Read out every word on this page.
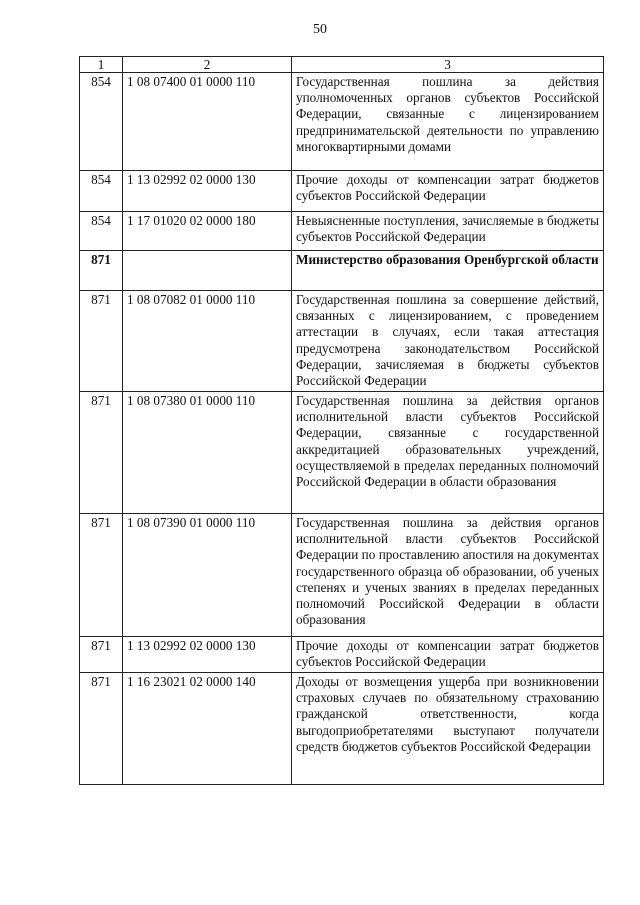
50
1	2	3
854	1 08 07400 01 0000 110	Государственная пошлина за действия уполномоченных органов субъектов Российской Федерации, связанные с лицензированием предпринимательской деятельности по управлению многоквартирными домами
854	1 13 02992 02 0000 130	Прочие доходы от компенсации затрат бюджетов субъектов Российской Федерации
854	1 17 01020 02 0000 180	Невыясненные поступления, зачисляемые в бюджеты субъектов Российской Федерации
871		Министерство образования Оренбургской области
871	1 08 07082 01 0000 110	Государственная пошлина за совершение действий, связанных с лицензированием, с проведением аттестации в случаях, если такая аттестация предусмотрена законодательством Российской Федерации, зачисляемая в бюджеты субъектов Российской Федерации
871	1 08 07380 01 0000 110	Государственная пошлина за действия органов исполнительной власти субъектов Российской Федерации, связанные с государственной аккредитацией образовательных учреждений, осуществляемой в пределах переданных полномочий Российской Федерации в области образования
871	1 08 07390 01 0000 110	Государственная пошлина за действия органов исполнительной власти субъектов Российской Федерации по проставлению апостиля на документах государственного образца об образовании, об ученых степенях и ученых званиях в пределах переданных полномочий Российской Федерации в области образования
871	1 13 02992 02 0000 130	Прочие доходы от компенсации затрат бюджетов субъектов Российской Федерации
871	1 16 23021 02 0000 140	Доходы от возмещения ущерба при возникновении страховых случаев по обязательному страхованию гражданской ответственности, когда выгодоприобретателями выступают получатели средств бюджетов субъектов Российской Федерации
